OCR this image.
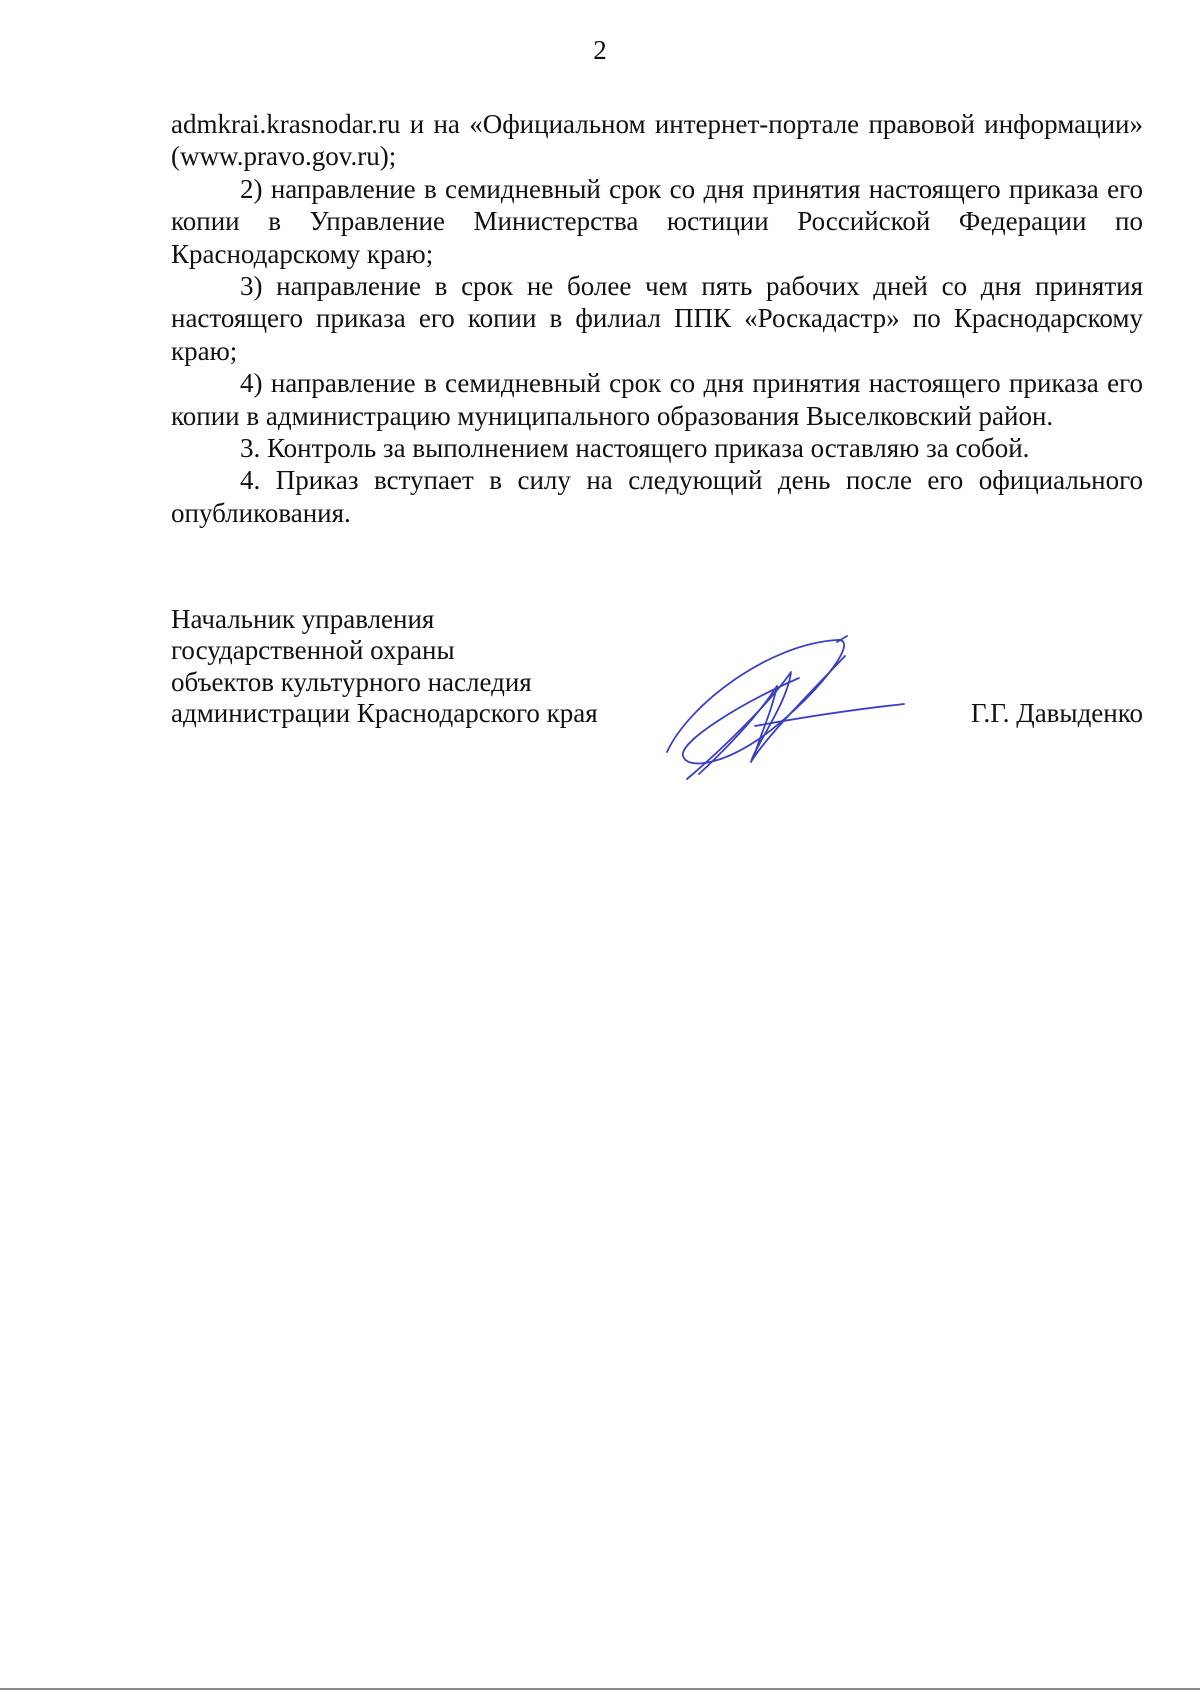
2

admkrai.krasnodar.ru и на «Официальном интернет-портале правовой информации» (www.pravo.gov.ru);

2) направление в семидневный срок со дня принятия настоящего приказа его копии в Управление Министерства юстиции Российской Федерации по Краснодарскому краю;

3) направление в срок не более чем пять рабочих дней со дня принятия настоящего приказа его копии в филиал ППК «Роскадастр» по Краснодарскому краю;

4) направление в семидневный срок со дня принятия настоящего приказа его копии в администрацию муниципального образования Выселковский район.

3. Контроль за выполнением настоящего приказа оставляю за собой.

4. Приказ вступает в силу на следующий день после его официального опубликования.

Начальник управления

государственной охраны

объектов культурного наследия

администрации Краснодарского края	Г.Г. Давыденко
